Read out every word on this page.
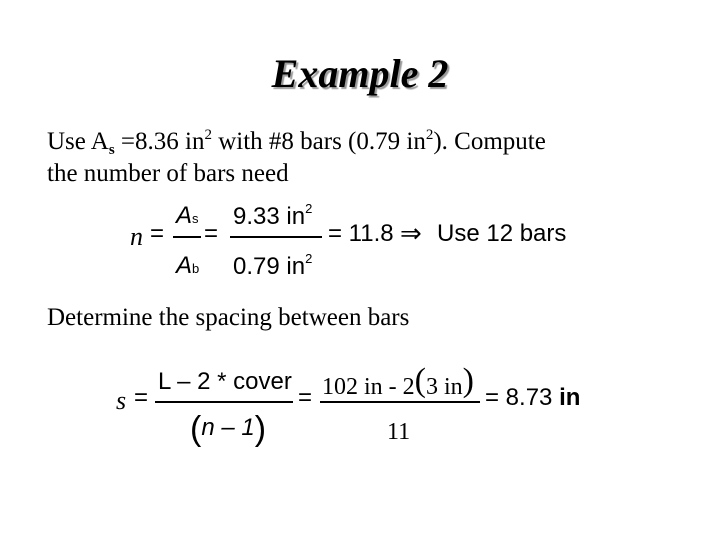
Example 2
Use $A_s =8.36$ $in^2$ with #8 bars (0.79 $in^2$). Compute
the number of bars need
n =
As
Ab
=
9.33 $in^2$
0.79 $in^2$
= 11.8 ⇒ Use 12 bars
Determine the spacing between bars
s =
L – 2 * cover
(n – 1)
= 102 in - 2(3 in)
11
= 8.73 in
